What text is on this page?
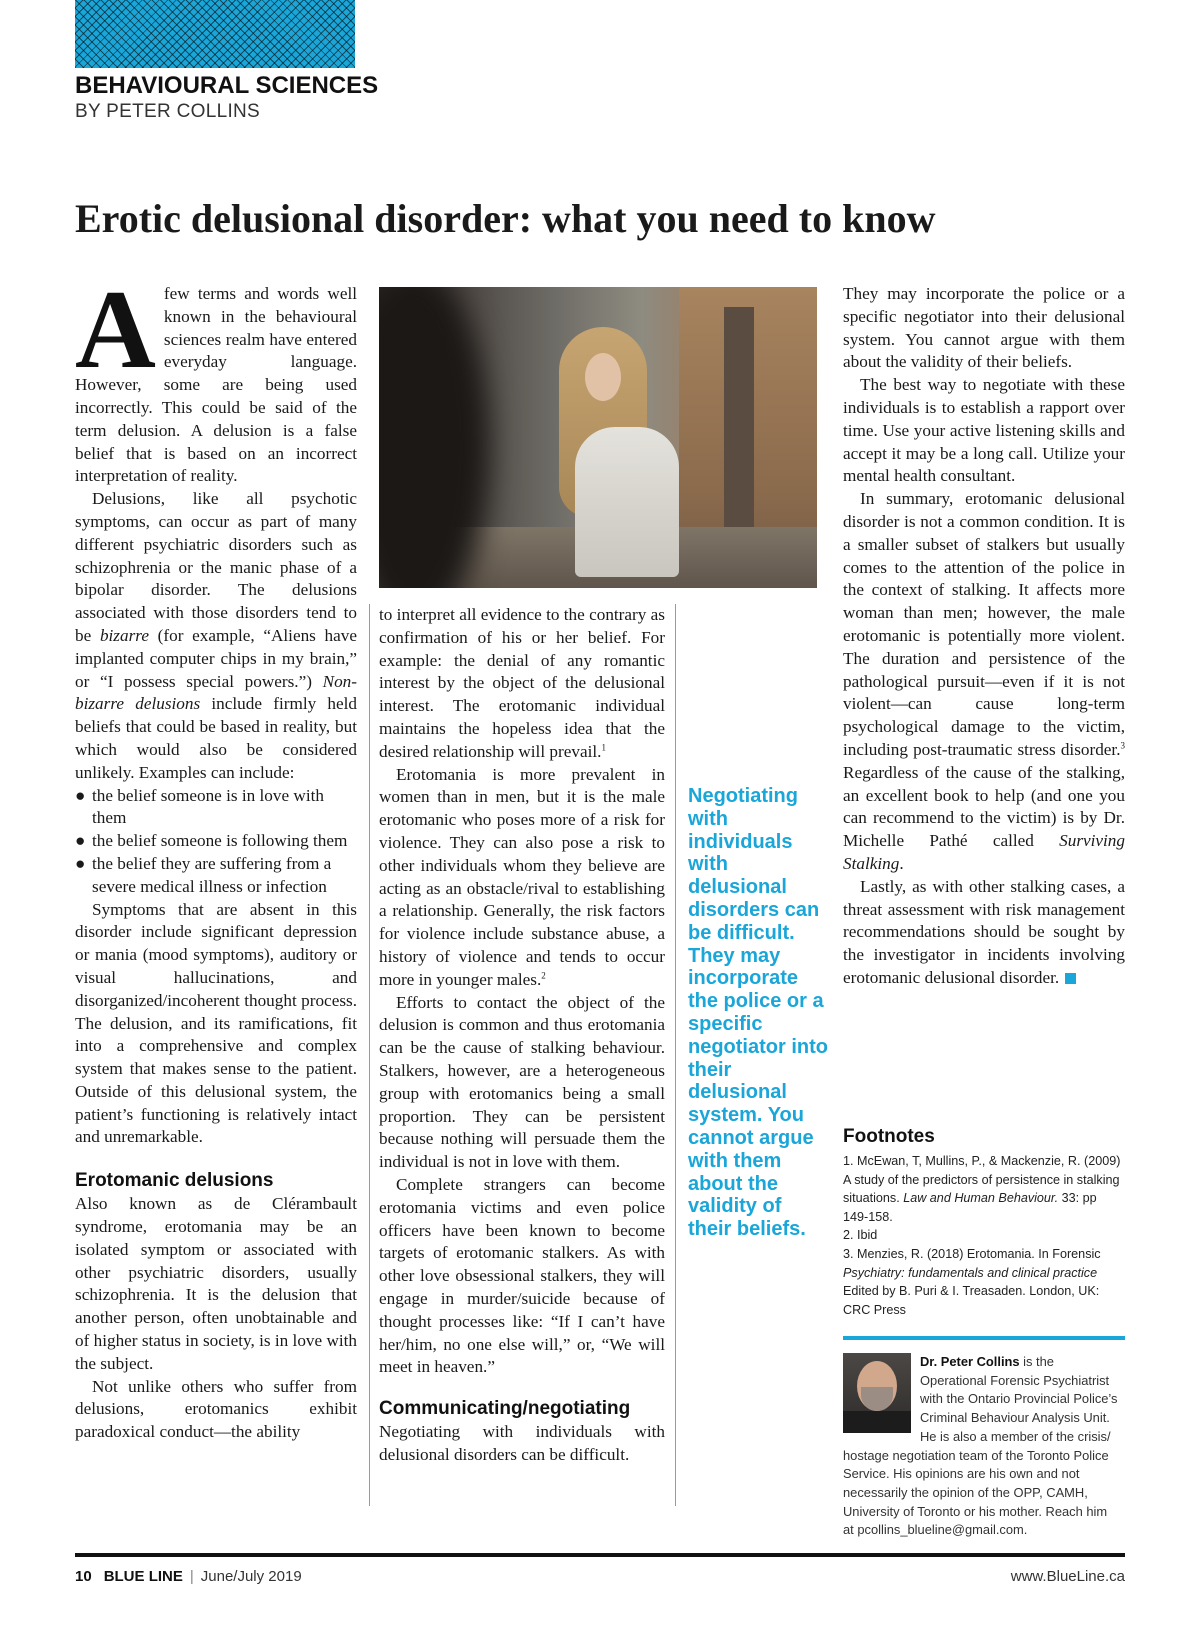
BEHAVIOURAL SCIENCES
BY PETER COLLINS
Erotic delusional disorder: what you need to know

Afew terms and words well known in the behavioural sciences realm have entered everyday language. However, some are being used incorrectly. This could be said of the term delusion. A delusion is a false belief that is based on an incorrect interpretation of reality.

Delusions, like all psychotic symptoms, can occur as part of many different psychiatric disorders such as schizophrenia or the manic phase of a bipolar disorder. The delusions associated with those disorders tend to be bizarre (for example, “Aliens have implanted computer chips in my brain,” or “I possess special powers.”) Non-bizarre delusions include firmly held beliefs that could be based in reality, but which would also be considered unlikely. Examples can include:

● the belief someone is in love with them
● the belief someone is following them
● the belief they are suffering from a severe medical illness or infection

Symptoms that are absent in this disorder include significant depression or mania (mood symptoms), auditory or visual hallucinations, and disorganized/incoherent thought process. The delusion, and its ramifications, fit into a comprehensive and complex system that makes sense to the patient. Outside of this delusional system, the patient’s functioning is relatively intact and unremarkable.

Erotomanic delusions

Also known as de Clérambault syndrome, erotomania may be an isolated symptom or associated with other psychiatric disorders, usually schizophrenia. It is the delusion that another person, often unobtainable and of higher status in society, is in love with the subject.

Not unlike others who suffer from delusions, erotomanics exhibit paradoxical conduct—the ability

to interpret all evidence to the contrary as confirmation of his or her belief. For example: the denial of any romantic interest by the object of the delusional interest. The erotomanic individual maintains the hopeless idea that the desired relationship will prevail.$^1$

Erotomania is more prevalent in women than in men, but it is the male erotomanic who poses more of a risk for violence. They can also pose a risk to other individuals whom they believe are acting as an obstacle/rival to establishing a relationship. Generally, the risk factors for violence include substance abuse, a history of violence and tends to occur more in younger males.$^2$

Efforts to contact the object of the delusion is common and thus erotomania can be the cause of stalking behaviour. Stalkers, however, are a heterogeneous group with erotomanics being a small proportion. They can be persistent because nothing will persuade them the individual is not in love with them.

Complete strangers can become erotomania victims and even police officers have been known to become targets of erotomanic stalkers. As with other love obsessional stalkers, they will engage in murder/suicide because of thought processes like: “If I can’t have her/him, no one else will,” or, “We will meet in heaven.”

Communicating/negotiating

Negotiating with individuals with delusional disorders can be difficult.

Negotiating with individuals with delusional disorders can be difficult. They may incorporate the police or a specific negotiator into their delusional system. You cannot argue with them about the validity of their beliefs.

They may incorporate the police or a specific negotiator into their delusional system. You cannot argue with them about the validity of their beliefs.

The best way to negotiate with these individuals is to establish a rapport over time. Use your active listening skills and accept it may be a long call. Utilize your mental health consultant.

In summary, erotomanic delusional disorder is not a common condition. It is a smaller subset of stalkers but usually comes to the attention of the police in the context of stalking. It affects more woman than men; however, the male erotomanic is potentially more violent. The duration and persistence of the pathological pursuit—even if it is not violent—can cause long-term psychological damage to the victim, including post-traumatic stress disorder.$^3$ Regardless of the cause of the stalking, an excellent book to help (and one you can recommend to the victim) is by Dr. Michelle Pathé called Surviving Stalking.

Lastly, as with other stalking cases, a threat assessment with risk management recommendations should be sought by the investigator in incidents involving erotomanic delusional disorder.

Footnotes
1. McEwan, T, Mullins, P., & Mackenzie, R. (2009) A study of the predictors of persistence in stalking situations. Law and Human Behaviour. 33: pp 149-158.
2. Ibid
3. Menzies, R. (2018) Erotomania. In Forensic Psychiatry: fundamentals and clinical practice Edited by B. Puri & I. Treasaden. London, UK: CRC Press
Dr. Peter Collins is the
Operational Forensic Psychiatrist
with the Ontario Provincial Police’s
Criminal Behaviour Analysis Unit.
He is also a member of the crisis/
hostage negotiation team of the Toronto Police
Service. His opinions are his own and not
necessarily the opinion of the OPP, CAMH,
University of Toronto or his mother. Reach him
at pcollins_blueline@gmail.com.
10 BLUE LINE | June/July 2019	www.BlueLine.ca
